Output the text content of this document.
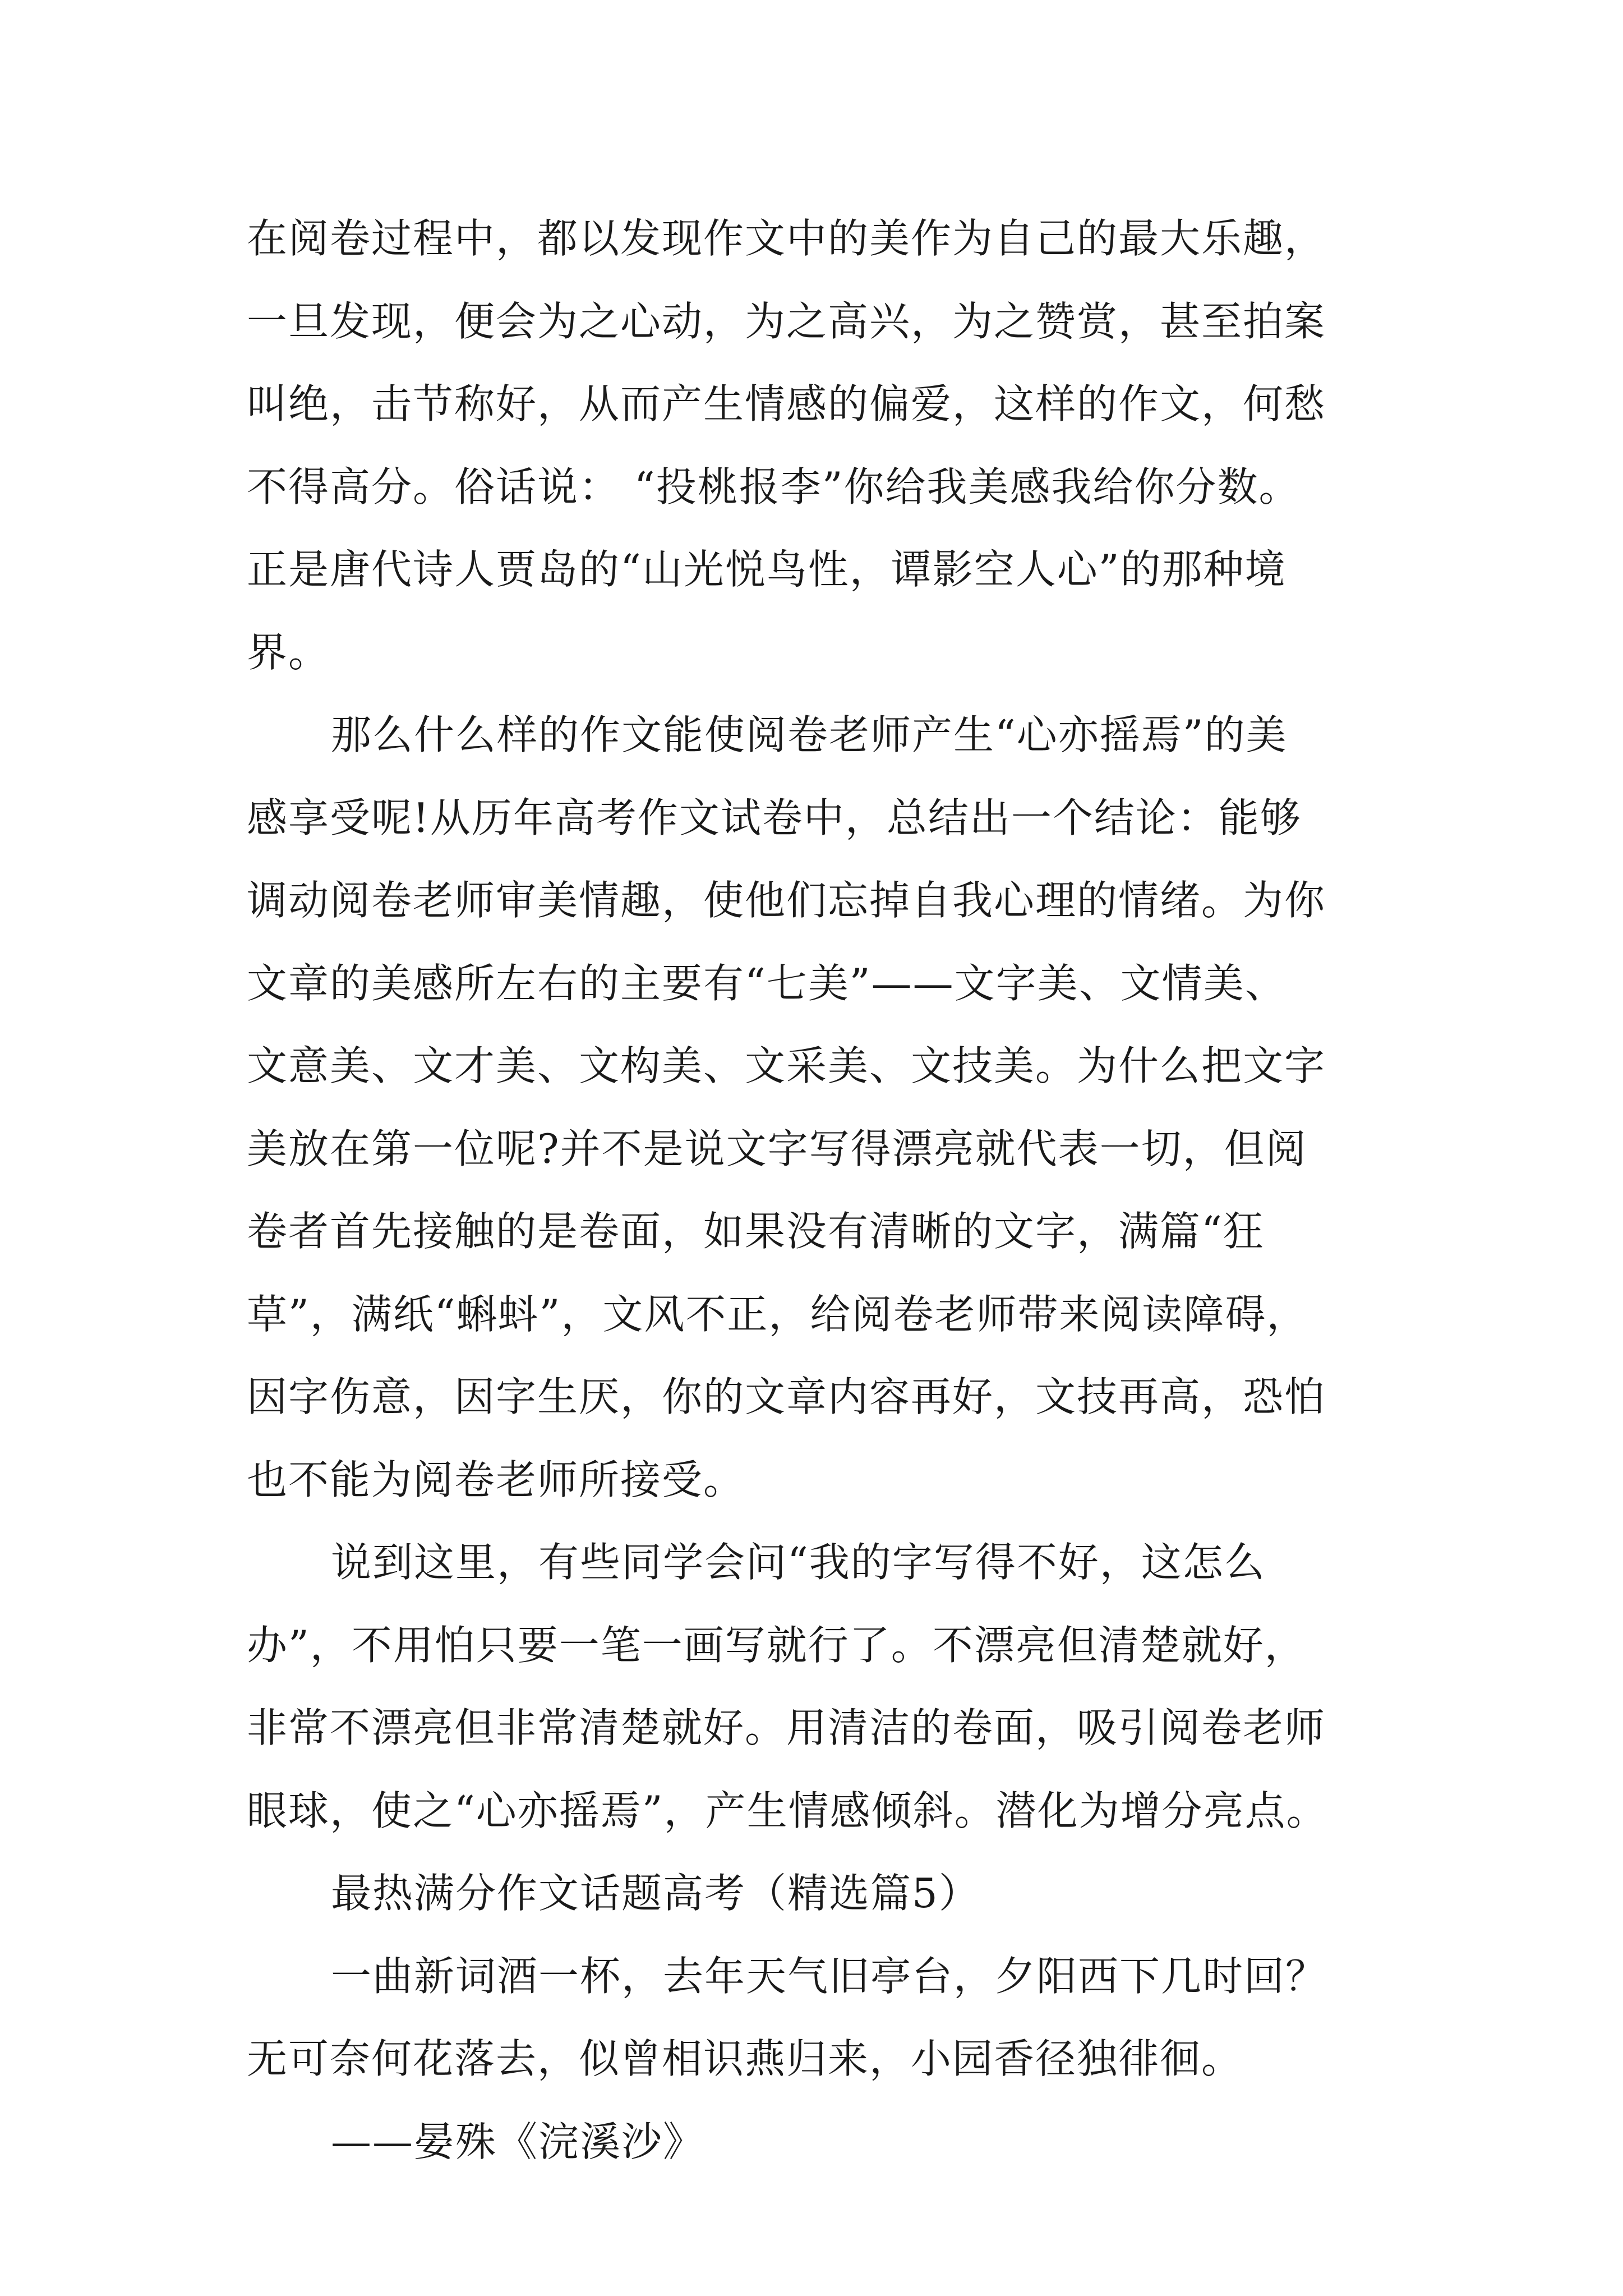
在阅卷过程中，都以发现作文中的美作为自己的最大乐趣，
一旦发现，便会为之心动，为之高兴，为之赞赏，甚至拍案
叫绝，击节称好，从而产生情感的偏爱，这样的作文，何愁
不得高分。俗话说： “投桃报李”你给我美感我给你分数。
正是唐代诗人贾岛的“山光悦鸟性，谭影空人心”的那种境
界。
那么什么样的作文能使阅卷老师产生“心亦摇焉”的美
感享受呢!从历年高考作文试卷中，总结出一个结论：能够
调动阅卷老师审美情趣，使他们忘掉自我心理的情绪。为你
文章的美感所左右的主要有“七美”——文字美、文情美、
文意美、文才美、文构美、文采美、文技美。为什么把文字
美放在第一位呢?并不是说文字写得漂亮就代表一切，但阅
卷者首先接触的是卷面，如果没有清晰的文字，满篇“狂
草”，满纸“蝌蚪”，文风不正，给阅卷老师带来阅读障碍，
因字伤意，因字生厌，你的文章内容再好，文技再高，恐怕
也不能为阅卷老师所接受。
说到这里，有些同学会问“我的字写得不好，这怎么
办”，不用怕只要一笔一画写就行了。不漂亮但清楚就好，
非常不漂亮但非常清楚就好。用清洁的卷面，吸引阅卷老师
眼球，使之“心亦摇焉”，产生情感倾斜。潜化为增分亮点。
最热满分作文话题高考（精选篇5）
一曲新词酒一杯，去年天气旧亭台，夕阳西下几时回？
无可奈何花落去，似曾相识燕归来，小园香径独徘徊。
——晏殊《浣溪沙》
